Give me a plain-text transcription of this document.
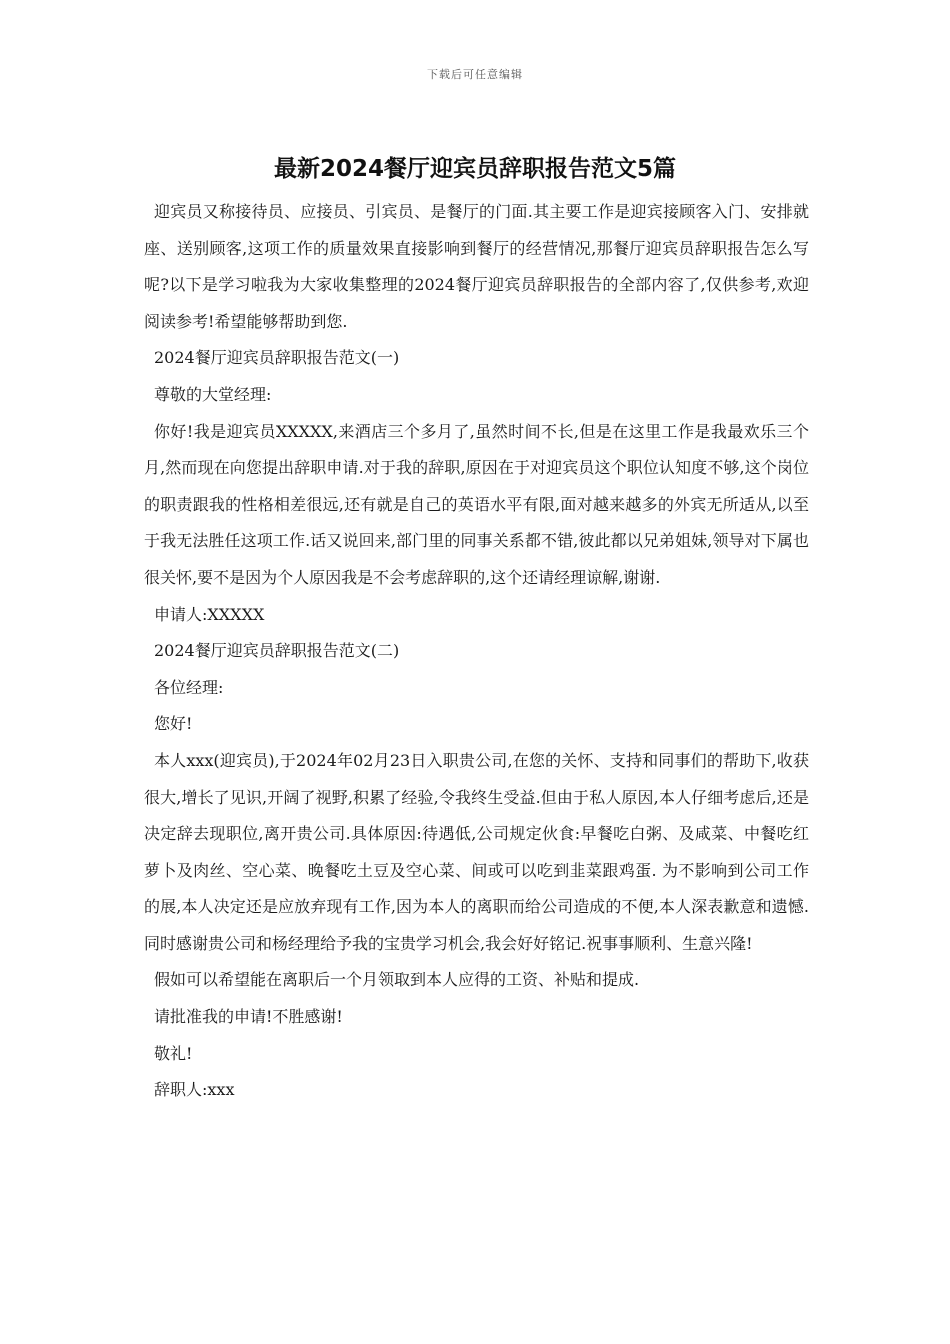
下载后可任意编辑
最新2024餐厅迎宾员辞职报告范文5篇

迎宾员又称接待员、应接员、引宾员、是餐厅的门面.其主要工作是迎宾接顾客入门、安排就座、送别顾客,这项工作的质量效果直接影响到餐厅的经营情况,那餐厅迎宾员辞职报告怎么写呢?以下是学习啦我为大家收集整理的2024餐厅迎宾员辞职报告的全部内容了,仅供参考,欢迎阅读参考!希望能够帮助到您.

2024餐厅迎宾员辞职报告范文(一)

尊敬的大堂经理:

你好!我是迎宾员XXXXX,来酒店三个多月了,虽然时间不长,但是在这里工作是我最欢乐三个月,然而现在向您提出辞职申请.对于我的辞职,原因在于对迎宾员这个职位认知度不够,这个岗位的职责跟我的性格相差很远,还有就是自己的英语水平有限,面对越来越多的外宾无所适从,以至于我无法胜任这项工作.话又说回来,部门里的同事关系都不错,彼此都以兄弟姐妹,领导对下属也很关怀,要不是因为个人原因我是不会考虑辞职的,这个还请经理谅解,谢谢.

申请人:XXXXX

2024餐厅迎宾员辞职报告范文(二)

各位经理:

您好!

本人xxx(迎宾员),于2024年02月23日入职贵公司,在您的关怀、支持和同事们的帮助下,收获很大,增长了见识,开阔了视野,积累了经验,令我终生受益.但由于私人原因,本人仔细考虑后,还是决定辞去现职位,离开贵公司.具体原因:待遇低,公司规定伙食:早餐吃白粥、及咸菜、中餐吃红萝卜及肉丝、空心菜、晚餐吃土豆及空心菜、间或可以吃到韭菜跟鸡蛋. 为不影响到公司工作的展,本人决定还是应放弃现有工作,因为本人的离职而给公司造成的不便,本人深表歉意和遗憾.同时感谢贵公司和杨经理给予我的宝贵学习机会,我会好好铭记.祝事事顺利、生意兴隆!

假如可以希望能在离职后一个月领取到本人应得的工资、补贴和提成.

请批准我的申请!不胜感谢!

敬礼!

辞职人:xxx
